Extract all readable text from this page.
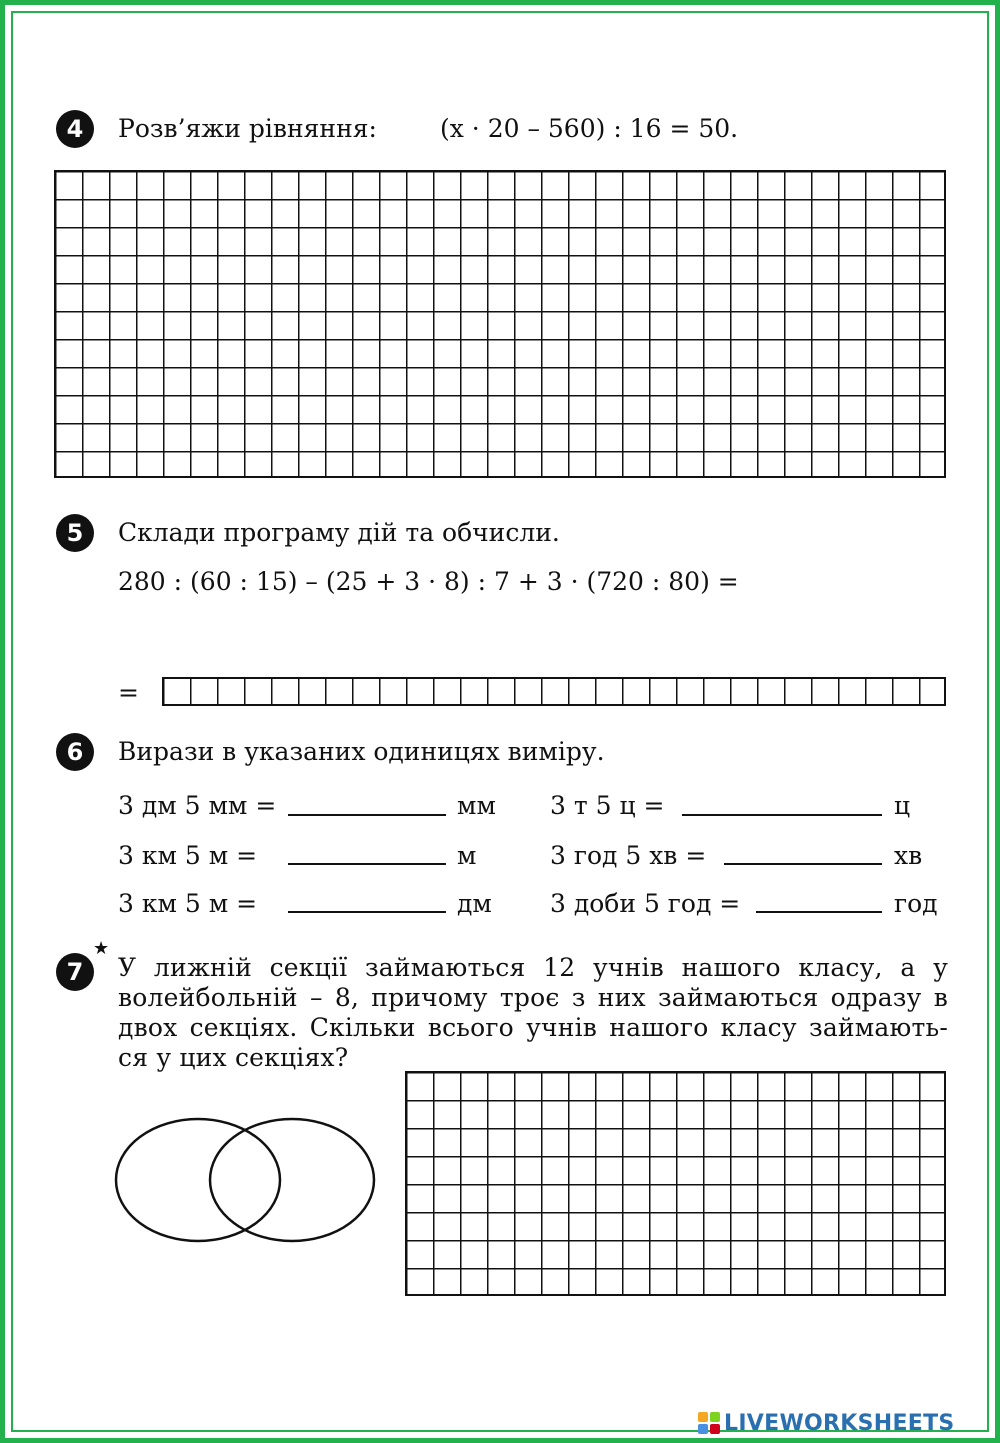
4	Розв’яжи рівняння:	(x · 20 – 560) : 16 = 50.
5	Склади програму дій та обчисли.
280 : (60 : 15) – (25 + 3 · 8) : 7 + 3 · (720 : 80) =
=
6	Вирази в указаних одиницях виміру.
3 дм 5 мм =	мм 3 т 5 ц =	ц
3 км 5 м =	м	3 год 5 хв =	хв
3 км 5 м =	дм 3 доби 5 год =	год
7
★
У лижній секції займаються 12 учнів нашого класу, а у
волейбольній – 8, причому троє з них займаються одразу в
двох секціях. Скільки всього учнів нашого класу займають-
ся у цих секціях?
LIVEWORKSHEETS
